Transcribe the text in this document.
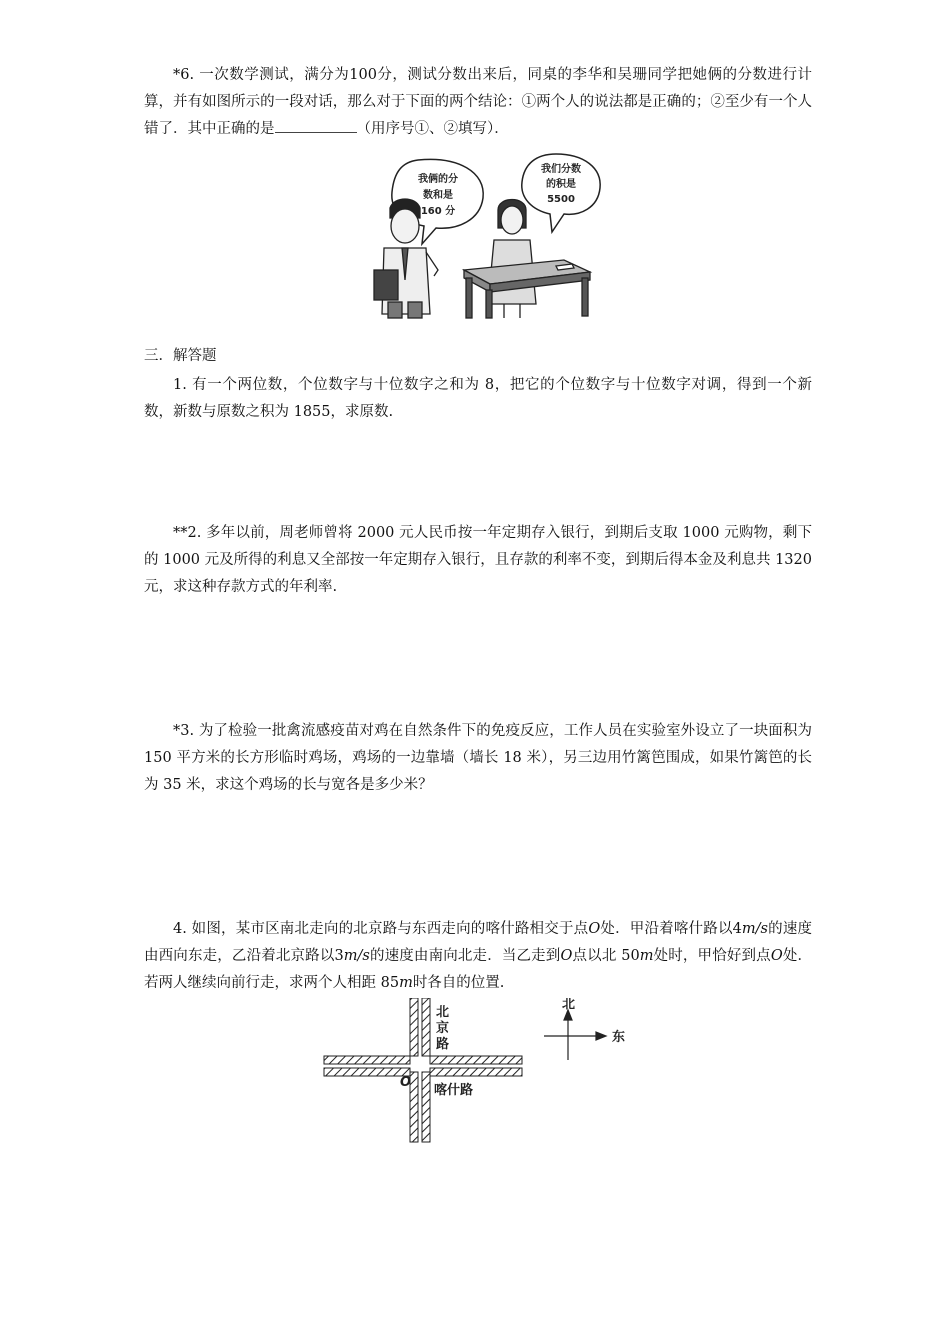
*6. 一次数学测试，满分为100分，测试分数出来后，同桌的李华和吴珊同学把她俩的分数进行计算，并有如图所示的一段对话，那么对于下面的两个结论：①两个人的说法都是正确的；②至少有一个人错了．其中正确的是	（用序号①、②填写）．

我俩的分
数和是
160 分
我们分数
的积是
5500

三．解答题

1. 有一个两位数，个位数字与十位数字之和为 8，把它的个位数字与十位数字对调，得到一个新数，新数与原数之积为 1855，求原数.

**2. 多年以前，周老师曾将 2000 元人民币按一年定期存入银行，到期后支取 1000 元购物，剩下的 1000 元及所得的利息又全部按一年定期存入银行，且存款的利率不变，到期后得本金及利息共 1320 元，求这种存款方式的年利率.

*3. 为了检验一批禽流感疫苗对鸡在自然条件下的免疫反应，工作人员在实验室外设立了一块面积为 150 平方米的长方形临时鸡场，鸡场的一边靠墙（墙长 18 米），另三边用竹篱笆围成，如果竹篱笆的长为 35 米，求这个鸡场的长与宽各是多少米？

4. 如图，某市区南北走向的北京路与东西走向的喀什路相交于点O处．甲沿着喀什路以4m/s的速度由西向东走，乙沿着北京路以3m/s的速度由南向北走．当乙走到O点以北 50m处时，甲恰好到点O处．若两人继续向前行走，求两个人相距 85m时各自的位置.

北
京
路
喀什路
O
北
东
